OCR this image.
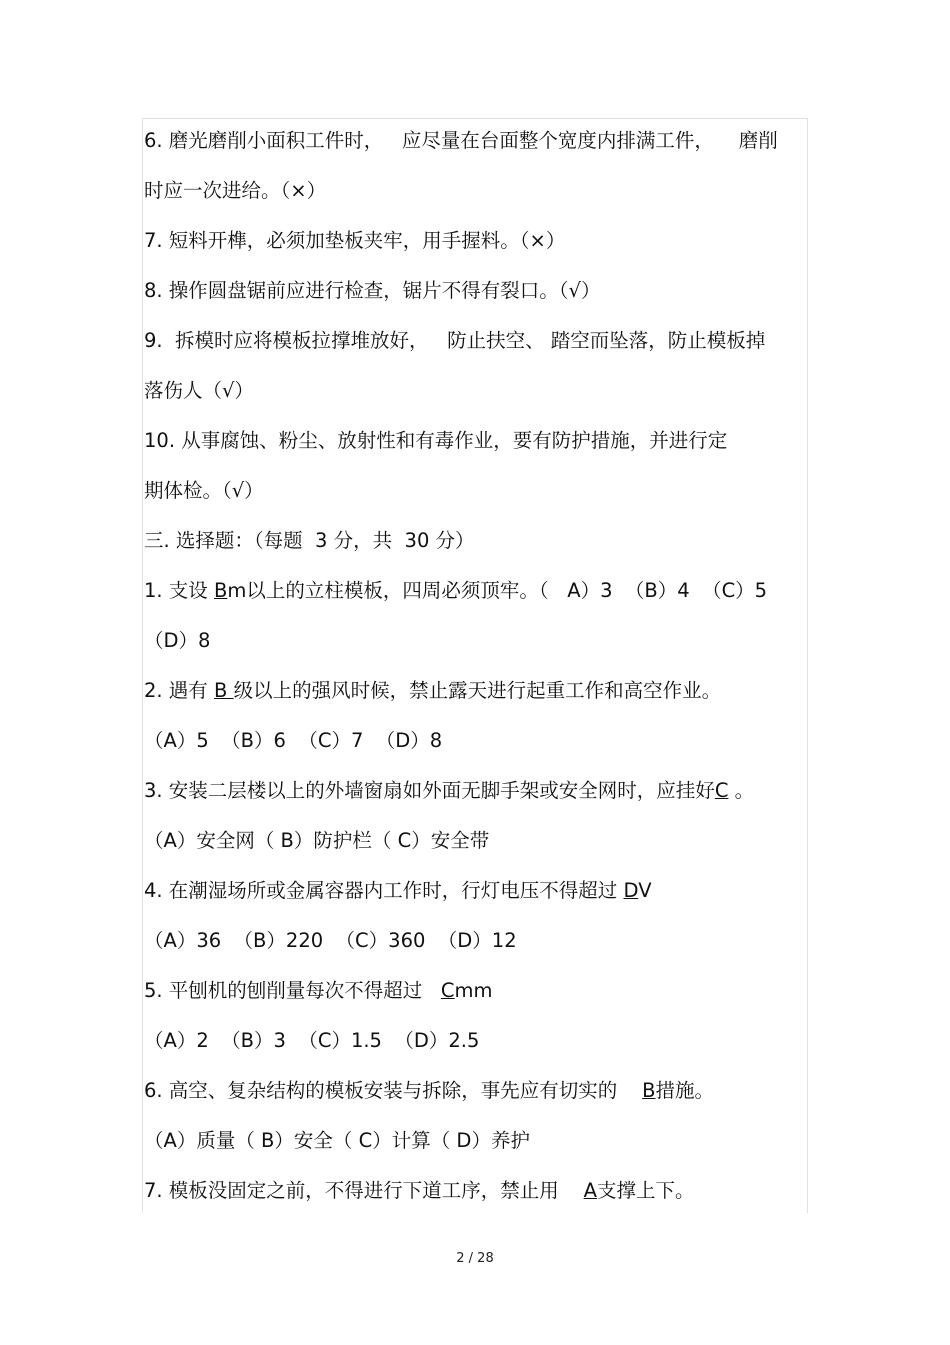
6. 磨光磨削小面积工件时，   应尽量在台面整个宽度内排满工件，    磨削
时应一次进给。（×）
7. 短料开榫，必须加垫板夹牢，用手握料。（×）
8. 操作圆盘锯前应进行检查，锯片不得有裂口。（√）
9.  拆模时应将模板拉撑堆放好，   防止扶空、 踏空而坠落，防止模板掉
落伤人（√）
10. 从事腐蚀、粉尘、放射性和有毒作业，要有防护措施，并进行定
期体检。（√）
三. 选择题：（每题  3 分，共  30 分）
1. 支设 Bm以上的立柱模板，四周必须顶牢。（   A）3  （B）4  （C）5
（D）8
2. 遇有 B 级以上的强风时候，禁止露天进行起重工作和高空作业。
（A）5  （B）6  （C）7  （D）8
3. 安装二层楼以上的外墙窗扇如外面无脚手架或安全网时，应挂好C 。
（A）安全网（ B）防护栏（ C）安全带
4. 在潮湿场所或金属容器内工作时，行灯电压不得超过 DV
（A）36  （B）220  （C）360  （D）12
5. 平刨机的刨削量每次不得超过   Cmm
（A）2  （B）3  （C）1.5  （D）2.5
6. 高空、复杂结构的模板安装与拆除，事先应有切实的    B措施。
（A）质量（ B）安全（ C）计算（ D）养护
7. 模板没固定之前，不得进行下道工序，禁止用    A支撑上下。
2 / 28
